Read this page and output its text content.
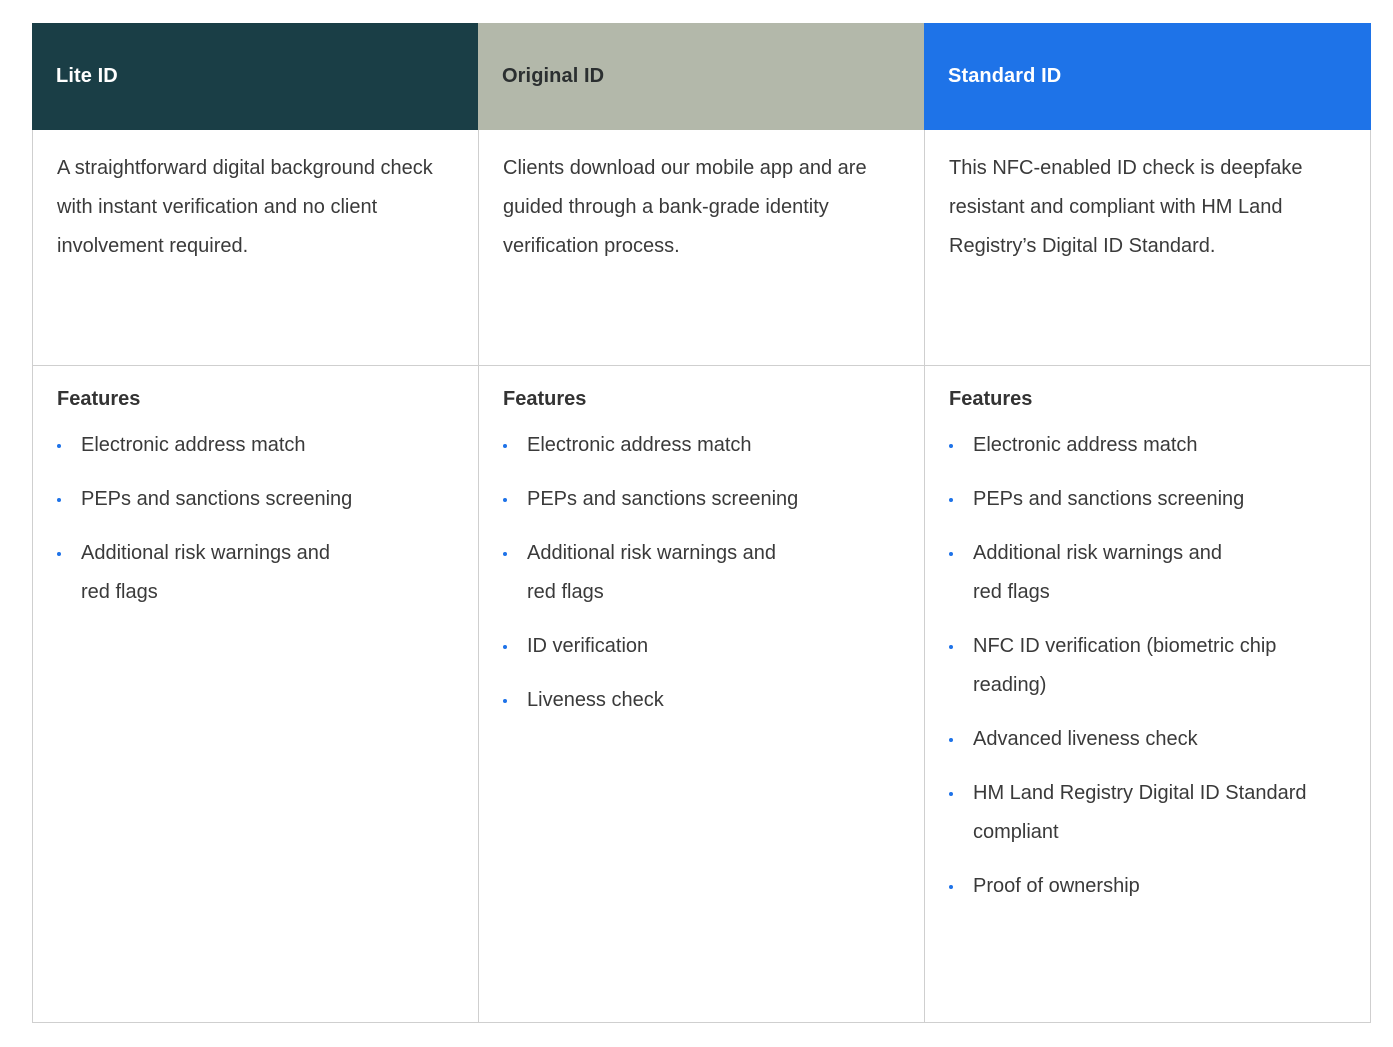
Lite ID	Original ID	Standard ID
A straightforward digital background check with instant verification and no client involvement required.
Clients download our mobile app and are guided through a bank-grade identity verification process.
This NFC-enabled ID check is deepfake resistant and compliant with HM Land Registry’s Digital ID Standard.
Features
Electronic address match
PEPs and sanctions screening
Additional risk warnings and red flags
Features
Electronic address match
PEPs and sanctions screening
Additional risk warnings and red flags
ID verification
Liveness check
Features
Electronic address match
PEPs and sanctions screening
Additional risk warnings and red flags
NFC ID verification (biometric chip reading)
Advanced liveness check
HM Land Registry Digital ID Standard compliant
Proof of ownership
